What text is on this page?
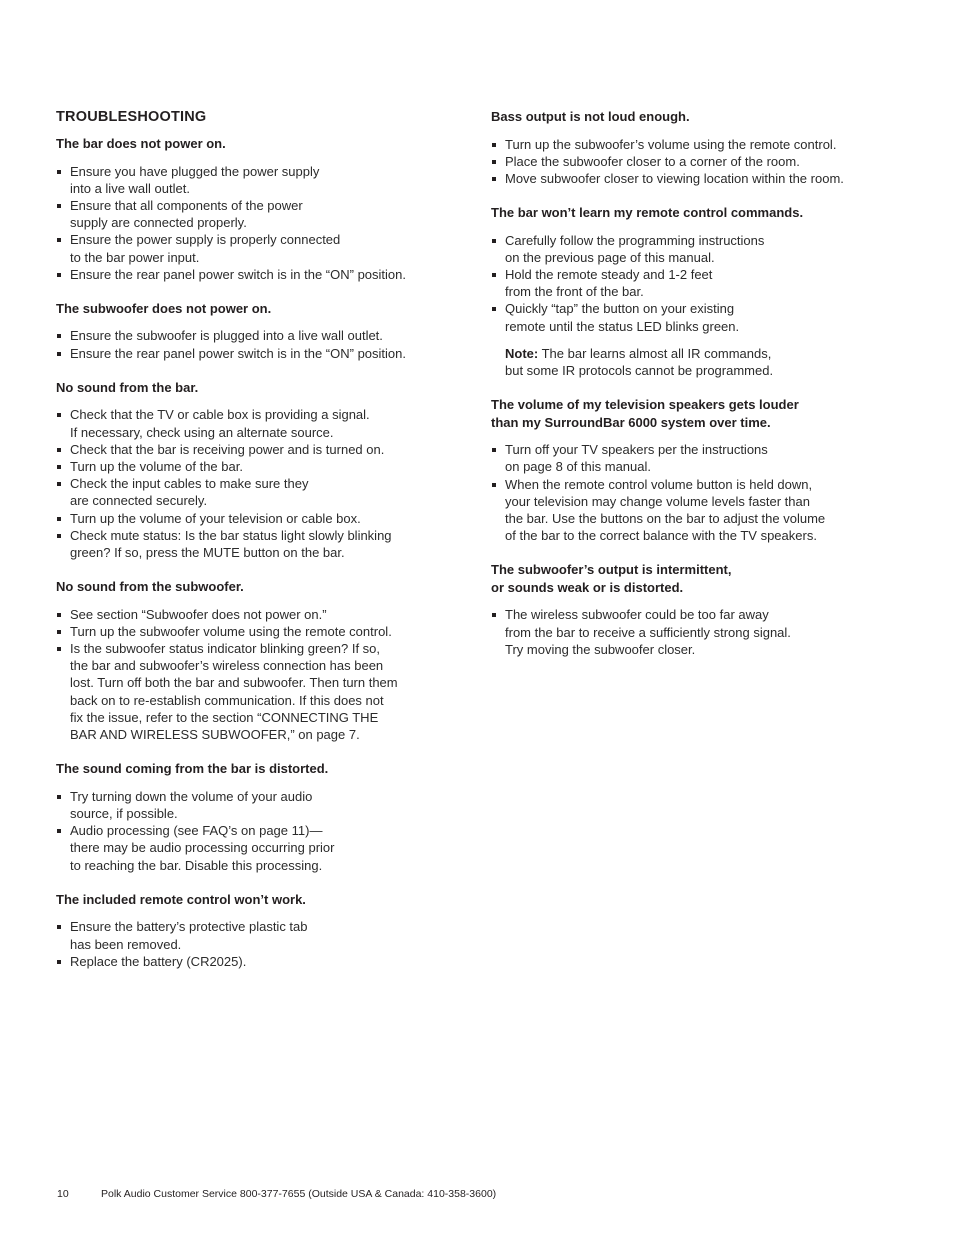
TROUBLESHOOTING
The bar does not power on.
Ensure you have plugged the power supply
into a live wall outlet.
Ensure that all components of the power
supply are connected properly.
Ensure the power supply is properly connected
to the bar power input.
Ensure the rear panel power switch is in the “ON” position.
The subwoofer does not power on.
Ensure the subwoofer is plugged into a live wall outlet.
Ensure the rear panel power switch is in the “ON” position.
No sound from the bar.
Check that the TV or cable box is providing a signal.
If necessary, check using an alternate source.
Check that the bar is receiving power and is turned on.
Turn up the volume of the bar.
Check the input cables to make sure they
are connected securely.
Turn up the volume of your television or cable box.
Check mute status: Is the bar status light slowly blinking
green? If so, press the MUTE button on the bar.
No sound from the subwoofer.
See section “Subwoofer does not power on.”
Turn up the subwoofer volume using the remote control.
Is the subwoofer status indicator blinking green? If so,
the bar and subwoofer’s wireless connection has been
lost. Turn off both the bar and subwoofer. Then turn them
back on to re-establish communication. If this does not
fix the issue, refer to the section “CONNECTING THE
BAR AND WIRELESS SUBWOOFER,” on page 7.
The sound coming from the bar is distorted.
Try turning down the volume of your audio
source, if possible.
Audio processing (see FAQ’s on page 11)—
there may be audio processing occurring prior
to reaching the bar. Disable this processing.
The included remote control won’t work.
Ensure the battery’s protective plastic tab
has been removed.
Replace the battery (CR2025).
Bass output is not loud enough.
Turn up the subwoofer’s volume using the remote control.
Place the subwoofer closer to a corner of the room.
Move subwoofer closer to viewing location within the room.
The bar won’t learn my remote control commands.
Carefully follow the programming instructions
on the previous page of this manual.
Hold the remote steady and 1-2 feet
from the front of the bar.
Quickly “tap” the button on your existing
remote until the status LED blinks green.
Note: The bar learns almost all IR commands,
but some IR protocols cannot be programmed.
The volume of my television speakers gets louder
than my SurroundBar 6000 system over time.
Turn off your TV speakers per the instructions
on page 8 of this manual.
When the remote control volume button is held down,
your television may change volume levels faster than
the bar. Use the buttons on the bar to adjust the volume
of the bar to the correct balance with the TV speakers.
The subwoofer’s output is intermittent,
or sounds weak or is distorted.
The wireless subwoofer could be too far away
from the bar to receive a sufficiently strong signal.
Try moving the subwoofer closer.
10	Polk Audio Customer Service 800-377-7655 (Outside USA & Canada: 410-358-3600)
